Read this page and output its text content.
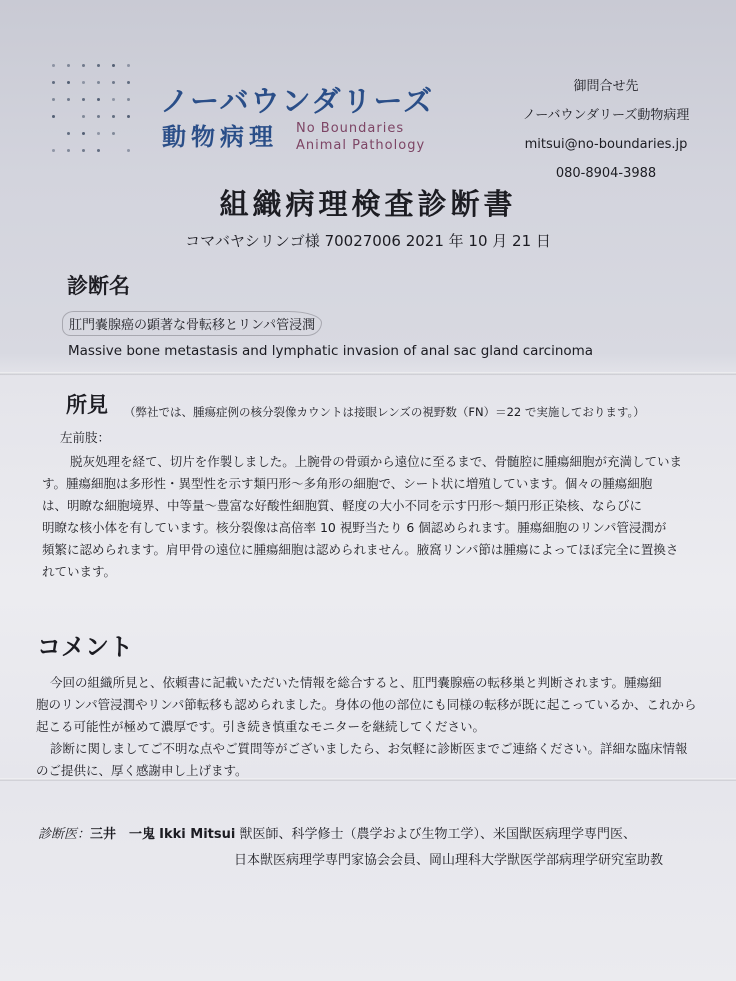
ノーバウンダリーズ
動物病理 No Boundaries
Animal Pathology
御問合せ先
ノーバウンダリーズ動物病理
mitsui@no-boundaries.jp
080-8904-3988
組織病理検査診断書
コマバヤシリンゴ様 70027006 2021 年 10 月 21 日
診断名
肛門嚢腺癌の顕著な骨転移とリンパ管浸潤
Massive bone metastasis and lymphatic invasion of anal sac gland carcinoma
所見 （弊社では、腫瘍症例の核分裂像カウントは接眼レンズの視野数（FN）＝22 で実施しております。）
左前肢：
脱灰処理を経て、切片を作製しました。上腕骨の骨頭から遠位に至るまで、骨髄腔に腫瘍細胞が充満していま
す。腫瘍細胞は多形性・異型性を示す類円形～多角形の細胞で、シート状に増殖しています。個々の腫瘍細胞
は、明瞭な細胞境界、中等量～豊富な好酸性細胞質、軽度の大小不同を示す円形～類円形正染核、ならびに
明瞭な核小体を有しています。核分裂像は高倍率 10 視野当たり 6 個認められます。腫瘍細胞のリンパ管浸潤が
頻繁に認められます。肩甲骨の遠位に腫瘍細胞は認められません。腋窩リンパ節は腫瘍によってほぼ完全に置換さ
れています。
コメント
今回の組織所見と、依頼書に記載いただいた情報を総合すると、肛門嚢腺癌の転移巣と判断されます。腫瘍細
胞のリンパ管浸潤やリンパ節転移も認められました。身体の他の部位にも同様の転移が既に起こっているか、これから
起こる可能性が極めて濃厚です。引き続き慎重なモニターを継続してください。
診断に関しましてご不明な点やご質問等がございましたら、お気軽に診断医までご連絡ください。詳細な臨床情報
のご提供に、厚く感謝申し上げます。
診断医：三井　一鬼 Ikki Mitsui 獣医師、科学修士（農学および生物工学）、米国獣医病理学専門医、
日本獣医病理学専門家協会会員、岡山理科大学獣医学部病理学研究室助教
